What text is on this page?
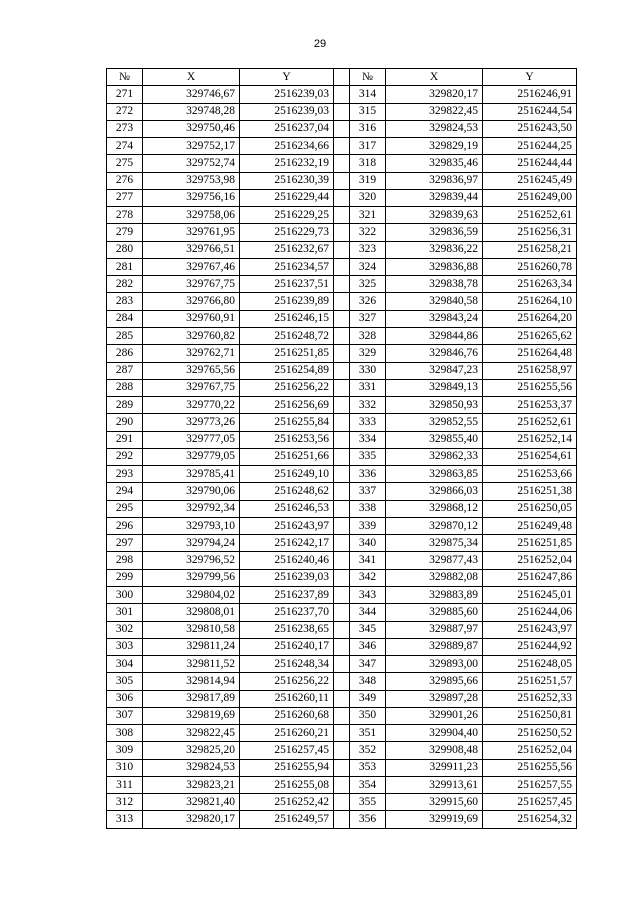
29
№	X	Y		№	X	Y
271	329746,67	2516239,03		314	329820,17	2516246,91
272	329748,28	2516239,03		315	329822,45	2516244,54
273	329750,46	2516237,04		316	329824,53	2516243,50
274	329752,17	2516234,66		317	329829,19	2516244,25
275	329752,74	2516232,19		318	329835,46	2516244,44
276	329753,98	2516230,39		319	329836,97	2516245,49
277	329756,16	2516229,44		320	329839,44	2516249,00
278	329758,06	2516229,25		321	329839,63	2516252,61
279	329761,95	2516229,73		322	329836,59	2516256,31
280	329766,51	2516232,67		323	329836,22	2516258,21
281	329767,46	2516234,57		324	329836,88	2516260,78
282	329767,75	2516237,51		325	329838,78	2516263,34
283	329766,80	2516239,89		326	329840,58	2516264,10
284	329760,91	2516246,15		327	329843,24	2516264,20
285	329760,82	2516248,72		328	329844,86	2516265,62
286	329762,71	2516251,85		329	329846,76	2516264,48
287	329765,56	2516254,89		330	329847,23	2516258,97
288	329767,75	2516256,22		331	329849,13	2516255,56
289	329770,22	2516256,69		332	329850,93	2516253,37
290	329773,26	2516255,84		333	329852,55	2516252,61
291	329777,05	2516253,56		334	329855,40	2516252,14
292	329779,05	2516251,66		335	329862,33	2516254,61
293	329785,41	2516249,10		336	329863,85	2516253,66
294	329790,06	2516248,62		337	329866,03	2516251,38
295	329792,34	2516246,53		338	329868,12	2516250,05
296	329793,10	2516243,97		339	329870,12	2516249,48
297	329794,24	2516242,17		340	329875,34	2516251,85
298	329796,52	2516240,46		341	329877,43	2516252,04
299	329799,56	2516239,03		342	329882,08	2516247,86
300	329804,02	2516237,89		343	329883,89	2516245,01
301	329808,01	2516237,70		344	329885,60	2516244,06
302	329810,58	2516238,65		345	329887,97	2516243,97
303	329811,24	2516240,17		346	329889,87	2516244,92
304	329811,52	2516248,34		347	329893,00	2516248,05
305	329814,94	2516256,22		348	329895,66	2516251,57
306	329817,89	2516260,11		349	329897,28	2516252,33
307	329819,69	2516260,68		350	329901,26	2516250,81
308	329822,45	2516260,21		351	329904,40	2516250,52
309	329825,20	2516257,45		352	329908,48	2516252,04
310	329824,53	2516255,94		353	329911,23	2516255,56
311	329823,21	2516255,08		354	329913,61	2516257,55
312	329821,40	2516252,42		355	329915,60	2516257,45
313	329820,17	2516249,57		356	329919,69	2516254,32
